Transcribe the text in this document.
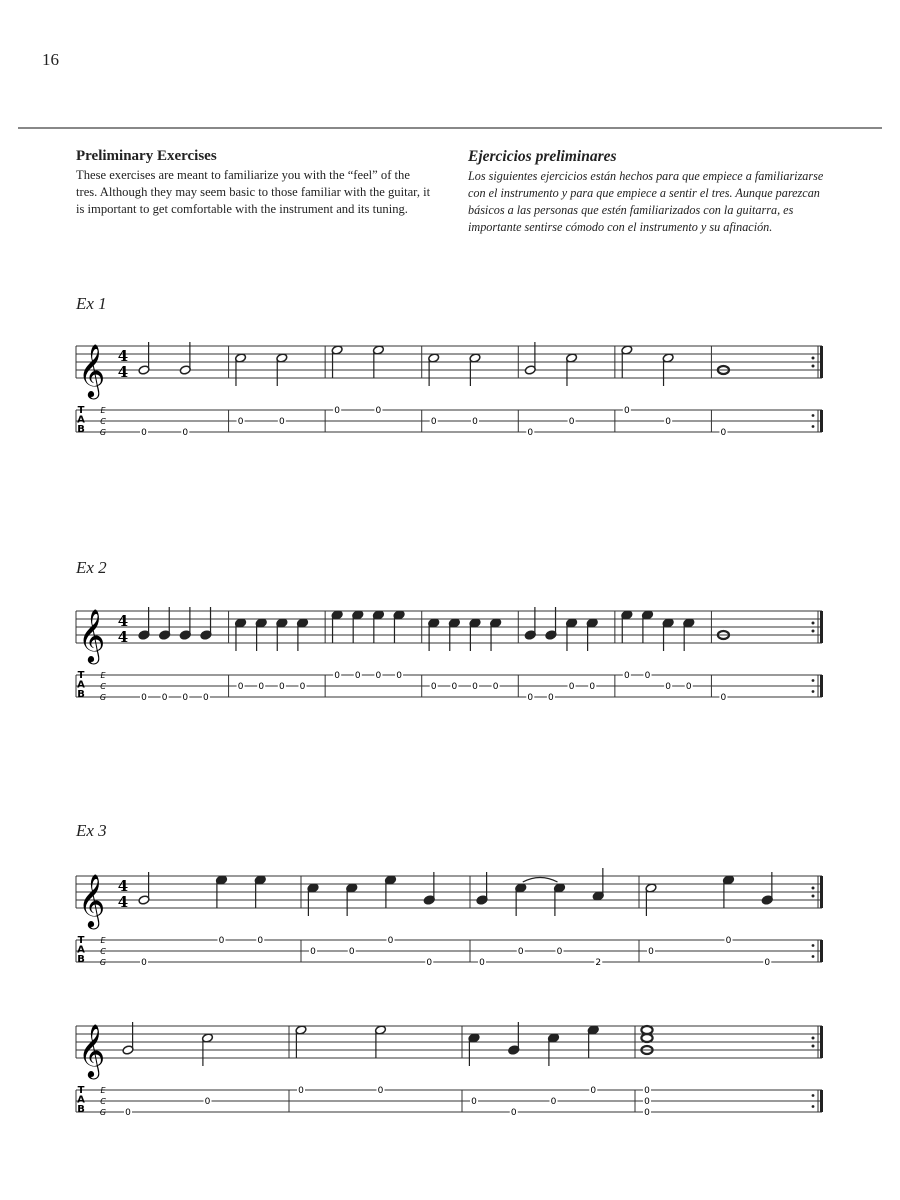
16
Preliminary Exercises

These exercises are meant to familiarize you with the “feel” of the tres. Although they may seem basic to those familiar with the guitar, it is important to get comfortable with the instrument and its tuning.

Ejercicios preliminares

Los siguientes ejercicios están hechos para que empiece a familiarizarse con el instrumento y para que empiece a sentir el tres. Aunque parezcan básicos a las personas que estén familiarizados con la guitarra, es importante sentirse cómodo con el instrumento y su afinación.

Ex 1
𝄞
T
A
B
E
C
G
4
4
0	0
0	0
0	0
0	0
0
0
0
0
0
Ex 2
𝄞
T
A
B
E
C
G
4
4
0 0 0 0
0 0 0 0
0 0 0 0
0 0 0 0
0 0
0 0
0 0
0 0
0
Ex 3
𝄞
T
A
B
E
C
G
4
4
0
0	0
0	0
0
0	0
0	0
2
0
0
0
𝄞
T
A
B
E
C
G 0
0
0	0
0
0
0
0
0
0
0
